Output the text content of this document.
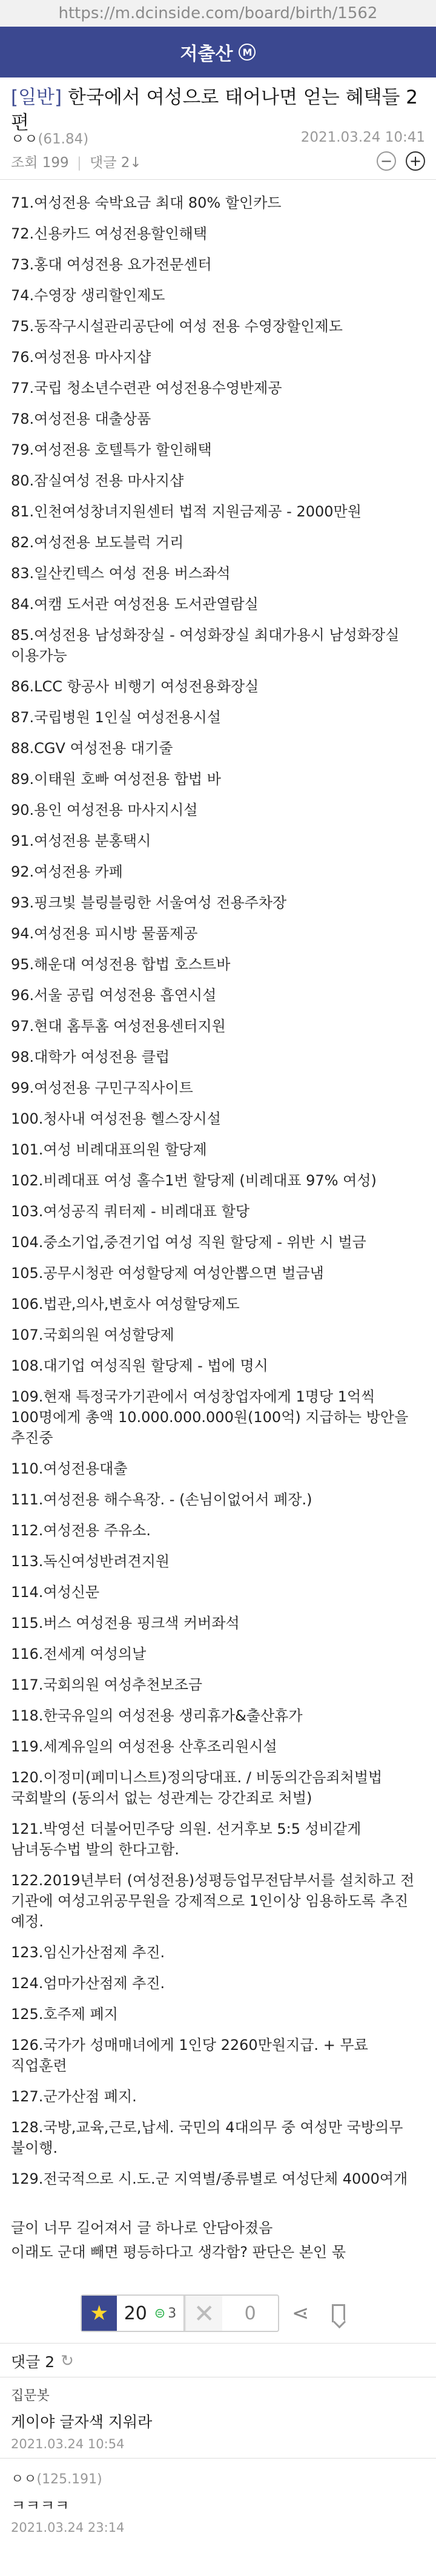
https://m.dcinside.com/board/birth/1562
저출산	M
[일반] 한국에서 여성으로 태어나면 얻는 혜택들 2편
ㅇㅇ(61.84)	2021.03.24 10:41
조회 199 | 댓글 2↓	− +
71.여성전용 숙박요금 최대 80% 할인카드
72.신용카드 여성전용할인해택
73.홍대 여성전용 요가전문센터
74.수영장 생리할인제도
75.동작구시설관리공단에 여성 전용 수영장할인제도
76.여성전용 마사지샵
77.국립 청소년수련관 여성전용수영반제공
78.여성전용 대출상품
79.여성전용 호텔특가 할인해택
80.잠실여성 전용 마사지샵
81.인천여성창녀지원센터 법적 지원금제공 - 2000만원
82.여성전용 보도블럭 거리
83.일산킨텍스 여성 전용 버스좌석
84.여캠 도서관 여성전용 도서관열람실
85.여성전용 남성화장실 - 여성화장실 최대가용시 남성화장실 이용가능
86.LCC 항공사 비행기 여성전용화장실
87.국립병원 1인실 여성전용시설
88.CGV 여성전용 대기줄
89.이태원 호빠 여성전용 합법 바
90.용인 여성전용 마사지시설
91.여성전용 분홍택시
92.여성전용 카페
93.핑크빛 블링블링한 서울여성 전용주차장
94.여성전용 피시방 물품제공
95.해운대 여성전용 합법 호스트바
96.서울 공립 여성전용 흡연시설
97.현대 홈투홈 여성전용센터지원
98.대학가 여성전용 클럽
99.여성전용 구민구직사이트
100.청사내 여성전용 헬스장시설
101.여성 비례대표의원 할당제
102.비례대표 여성 홀수1번 할당제 (비례대표 97% 여성)
103.여성공직 쿼터제 - 비례대표 할당
104.중소기업,중견기업 여성 직원 할당제 - 위반 시 벌금
105.공무시청관 여성할당제 여성안뽑으면 벌금냄
106.법관,의사,변호사 여성할당제도
107.국회의원 여성할당제
108.대기업 여성직원 할당제 - 법에 명시
109.현재 특정국가기관에서 여성창업자에게 1명당 1억씩 100명에게 총액 10.000.000.000원(100억) 지급하는 방안을 추진중
110.여성전용대출
111.여성전용 해수욕장. - (손님이없어서 폐장.)
112.여성전용 주유소.
113.독신여성반려견지원
114.여성신문
115.버스 여성전용 핑크색 커버좌석
116.전세계 여성의날
117.국회의원 여성추천보조금
118.한국유일의 여성전용 생리휴가&출산휴가
119.세계유일의 여성전용 산후조리원시설
120.이정미(페미니스트)정의당대표. / 비동의간음죄처벌법 국회발의 (동의서 없는 성관계는 강간죄로 처벌)
121.박영선 더불어민주당 의원. 선거후보 5:5 성비같게 남녀동수법 발의 한다고함.
122.2019년부터 (여성전용)성평등업무전담부서를 설치하고 전 기관에 여성고위공무원을 강제적으로 1인이상 임용하도록 추진 예정.
123.임신가산점제 추진.
124.엄마가산점제 추진.
125.호주제 폐지
126.국가가 성매매녀에게 1인당 2260만원지급. + 무료 직업훈련
127.군가산점 폐지.
128.국방,교육,근로,납세. 국민의 4대의무 중 여성만 국방의무 불이행.
129.전국적으로 시.도.군 지역별/종류별로 여성단체 4000여개
글이 너무 길어져서 글 하나로 안담아졌음
이래도 군대 빼면 평등하다고 생각함? 판단은 본인 몫
★ 20 ⊜ 3 ✕	0	⋖
댓글 2 ↻
집문봇
게이야 글자색 지워라
2021.03.24 10:54
ㅇㅇ(125.191)
ㅋㅋㅋㅋ
2021.03.24 23:14
